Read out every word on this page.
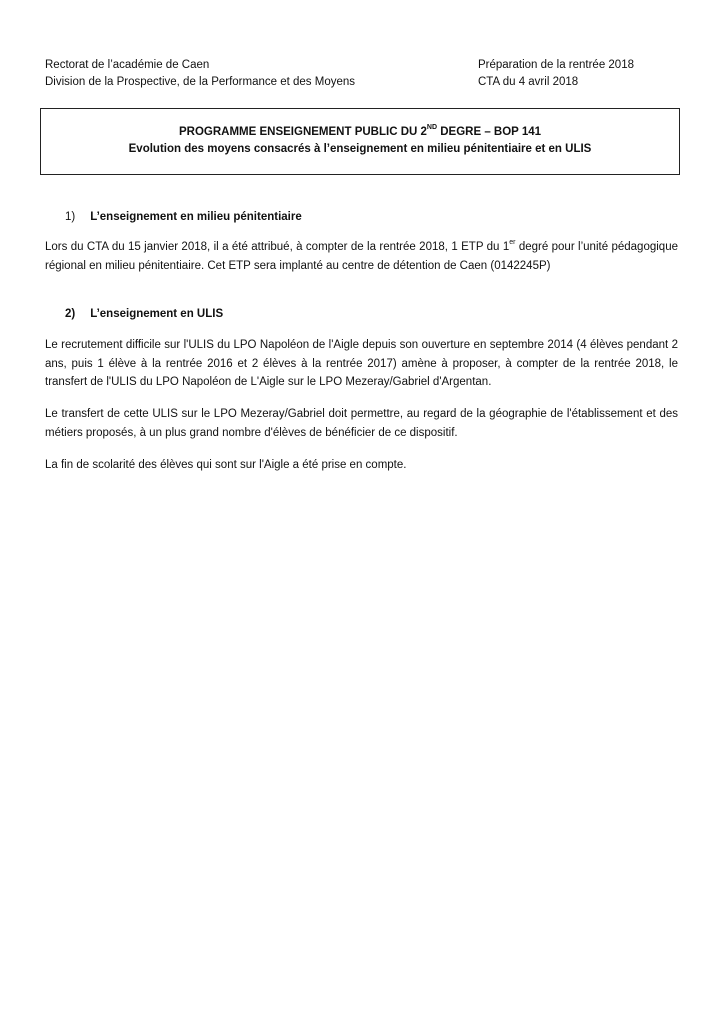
Rectorat de l’académie de Caen
Division de la Prospective, de la Performance et des Moyens
Préparation de la rentrée 2018
CTA du 4 avril 2018
PROGRAMME ENSEIGNEMENT PUBLIC DU 2ND DEGRE – BOP 141
Evolution des moyens consacrés à l’enseignement en milieu pénitentiaire et en ULIS
1) L’enseignement en milieu pénitentiaire
Lors du CTA du 15 janvier 2018, il a été attribué, à compter de la rentrée 2018, 1 ETP du 1er degré pour l’unité pédagogique régional en milieu pénitentiaire. Cet ETP sera implanté au centre de détention de Caen (0142245P)
2) L’enseignement en ULIS
Le recrutement difficile sur l'ULIS du LPO Napoléon de l'Aigle depuis son ouverture en septembre 2014 (4 élèves pendant 2 ans, puis 1 élève à la rentrée 2016 et 2 élèves à la rentrée 2017) amène à proposer, à compter de la rentrée 2018, le transfert de l'ULIS du LPO Napoléon de L'Aigle sur le LPO Mezeray/Gabriel d'Argentan.
Le transfert de cette ULIS sur le LPO Mezeray/Gabriel doit permettre, au regard de la géographie de l'établissement et des métiers proposés, à un plus grand nombre d'élèves de bénéficier de ce dispositif.
La fin de scolarité des élèves qui sont sur l'Aigle a été prise en compte.
